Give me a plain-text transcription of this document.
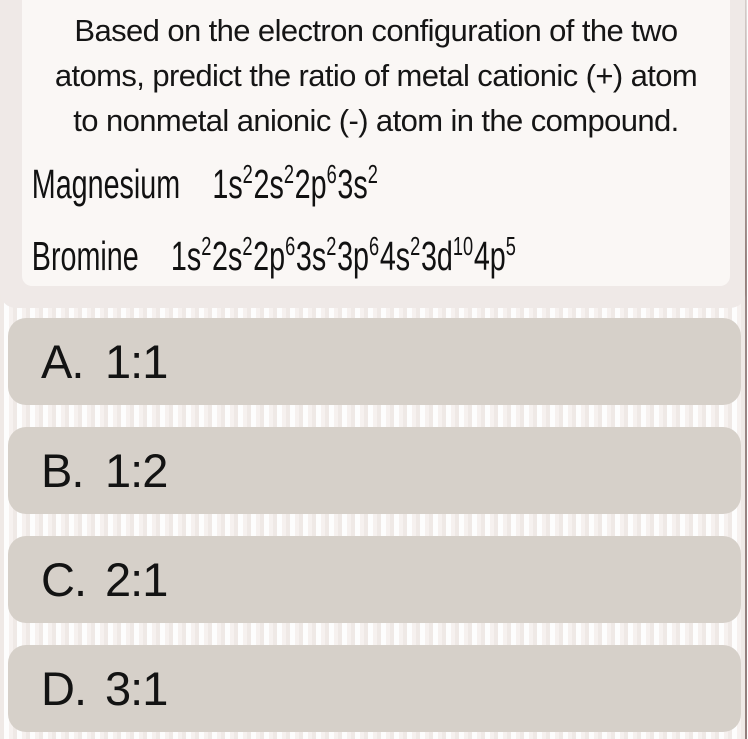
Based on the electron configuration of the two
atoms, predict the ratio of metal cationic (+) atom
to nonmetal anionic (-) atom in the compound.
Magnesium $1s^22s^22p^63s^2$
Bromine $1s^22s^22p^63s^23p^64s^23d^{10}4p^5$
A. 1:1
B. 1:2
C. 2:1
D. 3:1
